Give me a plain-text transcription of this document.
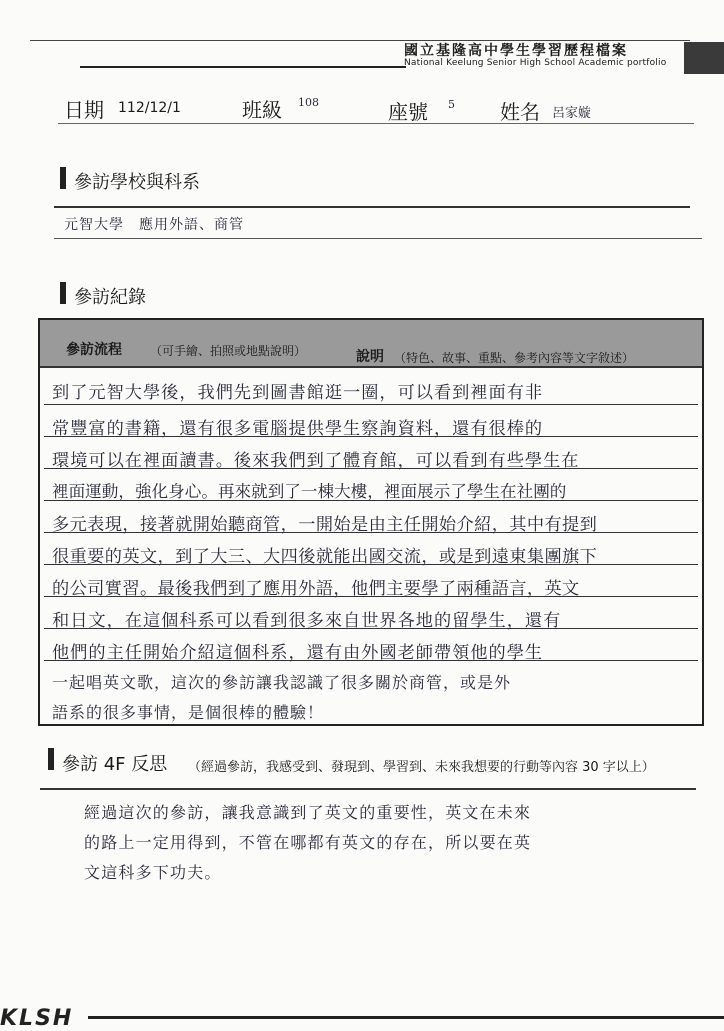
國立基隆高中學生學習歷程檔案
National Keelung Senior High School Academic portfolio
日期 112/12/1	班級 108	座號 5 姓名 呂家嫙
參訪學校與科系
元智大學　應用外語、商管
參訪紀錄
參訪流程 （可手繪、拍照或地點說明）	說明 （特色、故事、重點、參考內容等文字敘述）
到了元智大學後，我們先到圖書館逛一圈，可以看到裡面有非
常豐富的書籍，還有很多電腦提供學生察詢資料，還有很棒的
環境可以在裡面讀書。後來我們到了體育館，可以看到有些學生在
裡面運動，強化身心。再來就到了一棟大樓，裡面展示了學生在社團的
多元表現，接著就開始聽商管，一開始是由主任開始介紹，其中有提到
很重要的英文，到了大三、大四後就能出國交流，或是到遠東集團旗下
的公司實習。最後我們到了應用外語，他們主要學了兩種語言，英文
和日文，在這個科系可以看到很多來自世界各地的留學生，還有
他們的主任開始介紹這個科系，還有由外國老師帶領他的學生
一起唱英文歌，這次的參訪讓我認識了很多關於商管，或是外
參訪 4F 反思 （經過參訪，我感受到、發現到、學習到、未來我想要的行動等內容 30 字以上）
經過這次的參訪，讓我意識到了英文的重要性，英文在未來
的路上一定用得到，不管在哪都有英文的存在，所以要在英
文這科多下功夫。
KLSH
語系的很多事情，是個很棒的體驗！
